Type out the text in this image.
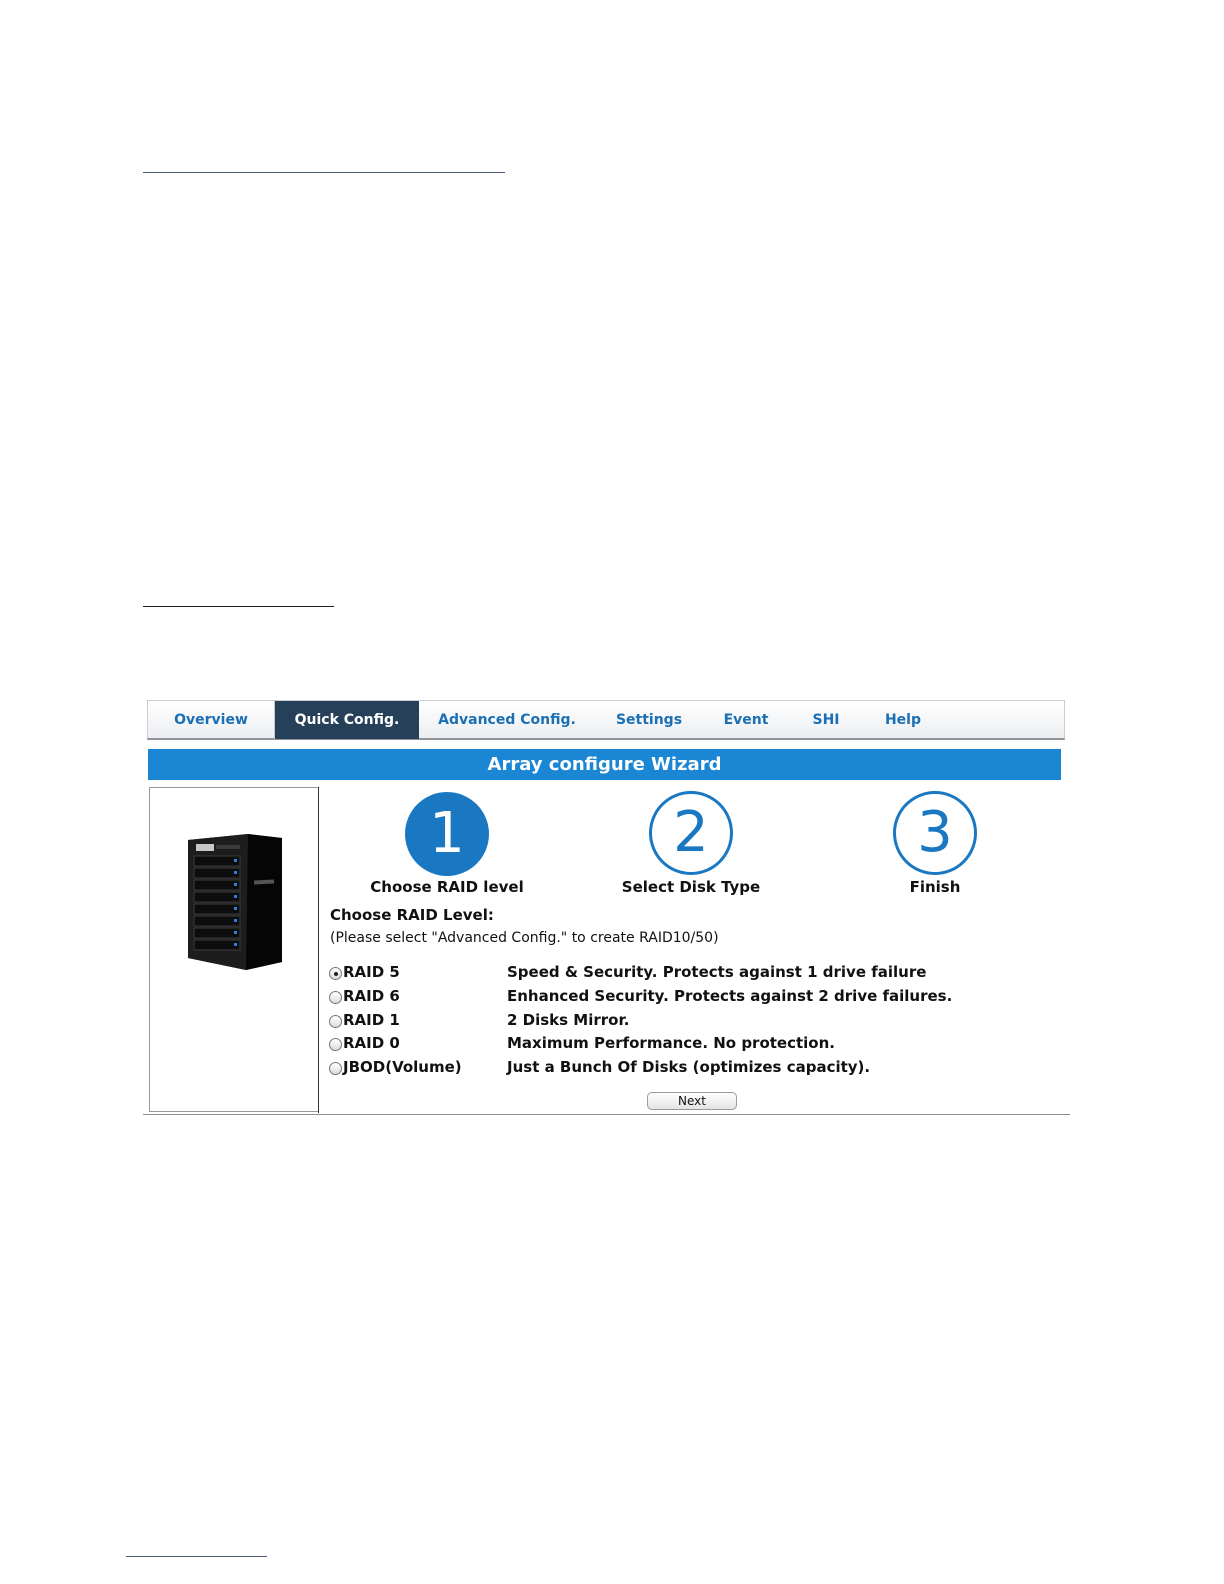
Overview	Quick Config.	Advanced Config.	Settings	Event	SHI	Help
Array configure Wizard
1	2	3
Choose RAID level	Select Disk Type	Finish
Choose RAID Level:
(Please select "Advanced Config." to create RAID10/50)
RAID 5	Speed & Security. Protects against 1 drive failure
RAID 6	Enhanced Security. Protects against 2 drive failures.
RAID 1	2 Disks Mirror.
RAID 0	Maximum Performance. No protection.
JBOD(Volume)	Just a Bunch Of Disks (optimizes capacity).
Next
